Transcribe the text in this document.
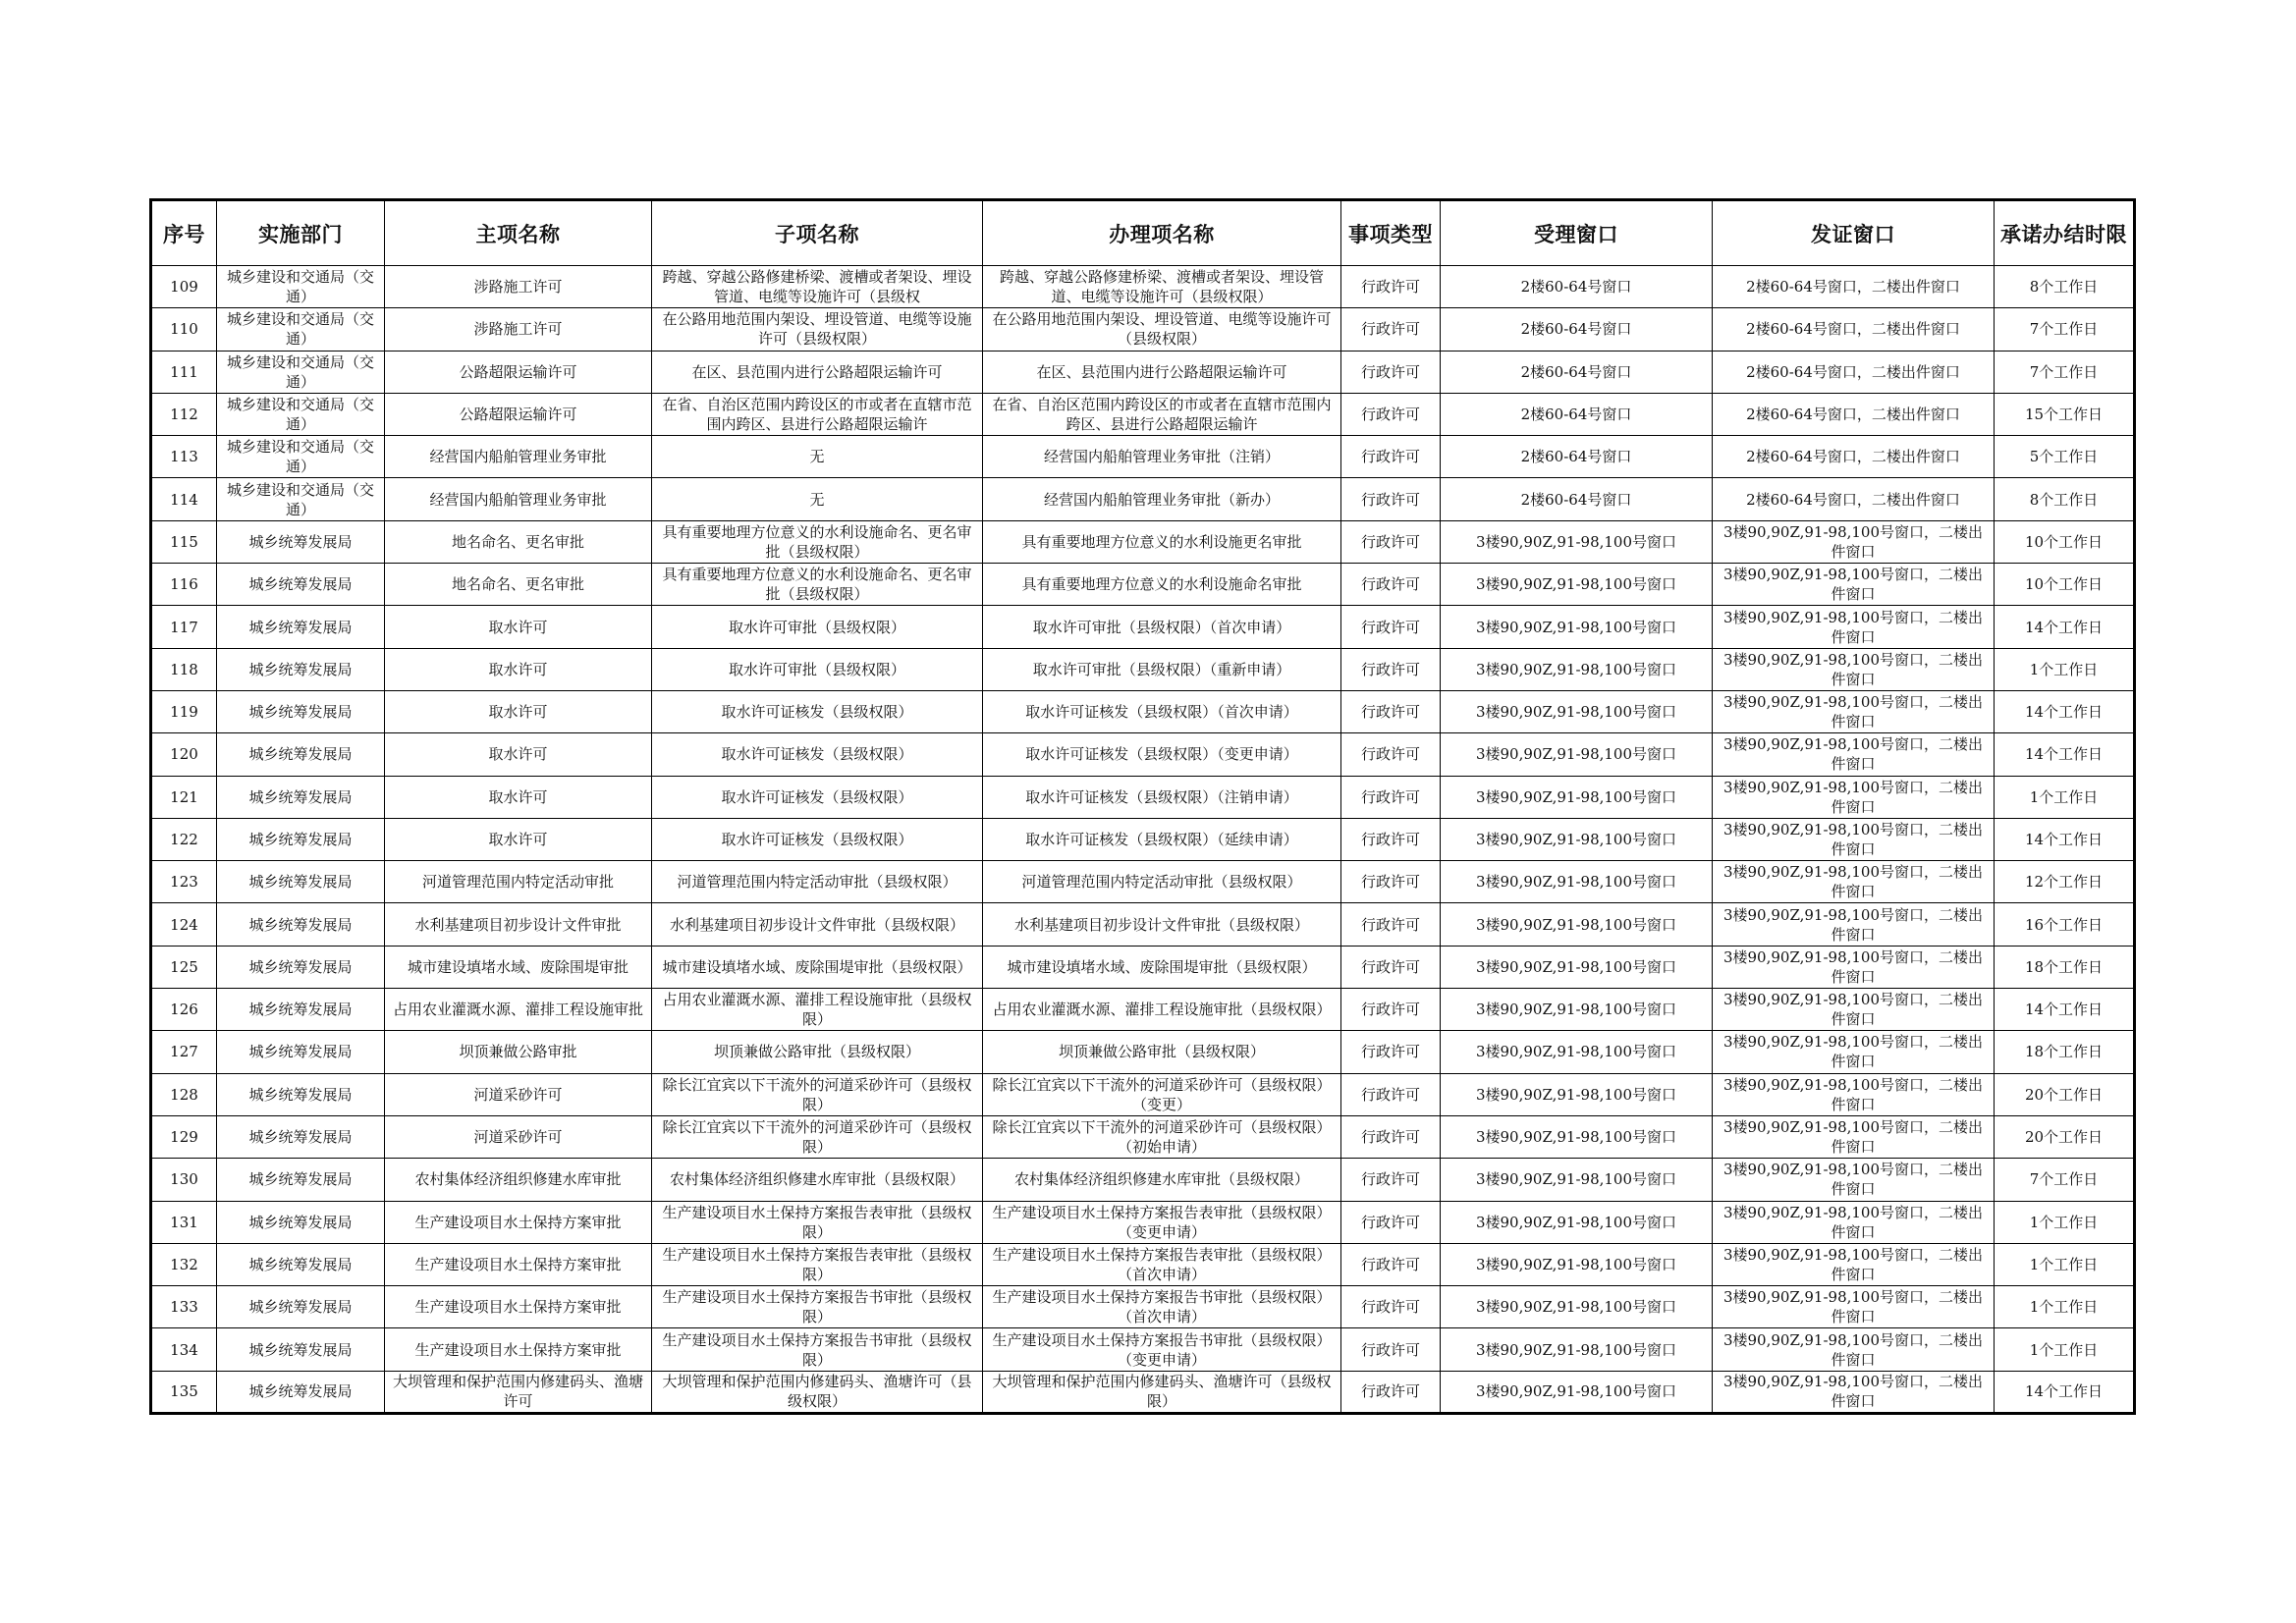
序号	实施部门	主项名称	子项名称	办理项名称	事项类型	受理窗口	发证窗口	承诺办结时限

109	城乡建设和交通局（交通）	涉路施工许可	跨越、穿越公路修建桥梁、渡槽或者架设、埋设管道、电缆等设施许可（县级权	跨越、穿越公路修建桥梁、渡槽或者架设、埋设管道、电缆等设施许可（县级权限）	行政许可	2楼60-64号窗口	2楼60-64号窗口，二楼出件窗口	8个工作日

110	城乡建设和交通局（交通）	涉路施工许可	在公路用地范围内架设、埋设管道、电缆等设施许可（县级权限）	在公路用地范围内架设、埋设管道、电缆等设施许可（县级权限）	行政许可	2楼60-64号窗口	2楼60-64号窗口，二楼出件窗口	7个工作日

111	城乡建设和交通局（交通）	公路超限运输许可	在区、县范围内进行公路超限运输许可	在区、县范围内进行公路超限运输许可	行政许可	2楼60-64号窗口	2楼60-64号窗口，二楼出件窗口	7个工作日

112	城乡建设和交通局（交通）	公路超限运输许可	在省、自治区范围内跨设区的市或者在直辖市范围内跨区、县进行公路超限运输许	在省、自治区范围内跨设区的市或者在直辖市范围内跨区、县进行公路超限运输许	行政许可	2楼60-64号窗口	2楼60-64号窗口，二楼出件窗口	15个工作日

113	城乡建设和交通局（交通）	经营国内船舶管理业务审批	无	经营国内船舶管理业务审批（注销）	行政许可	2楼60-64号窗口	2楼60-64号窗口，二楼出件窗口	5个工作日

114	城乡建设和交通局（交通）	经营国内船舶管理业务审批	无	经营国内船舶管理业务审批（新办）	行政许可	2楼60-64号窗口	2楼60-64号窗口，二楼出件窗口	8个工作日

115	城乡统筹发展局	地名命名、更名审批	具有重要地理方位意义的水利设施命名、更名审批（县级权限）	具有重要地理方位意义的水利设施更名审批	行政许可	3楼90,90Z,91-98,100号窗口	3楼90,90Z,91-98,100号窗口，二楼出件窗口	10个工作日

116	城乡统筹发展局	地名命名、更名审批	具有重要地理方位意义的水利设施命名、更名审批（县级权限）	具有重要地理方位意义的水利设施命名审批	行政许可	3楼90,90Z,91-98,100号窗口	3楼90,90Z,91-98,100号窗口，二楼出件窗口	10个工作日

117	城乡统筹发展局	取水许可	取水许可审批（县级权限）	取水许可审批（县级权限）（首次申请）	行政许可	3楼90,90Z,91-98,100号窗口	3楼90,90Z,91-98,100号窗口，二楼出件窗口	14个工作日

118	城乡统筹发展局	取水许可	取水许可审批（县级权限）	取水许可审批（县级权限）（重新申请）	行政许可	3楼90,90Z,91-98,100号窗口	3楼90,90Z,91-98,100号窗口，二楼出件窗口	1个工作日

119	城乡统筹发展局	取水许可	取水许可证核发（县级权限）	取水许可证核发（县级权限）（首次申请）	行政许可	3楼90,90Z,91-98,100号窗口	3楼90,90Z,91-98,100号窗口，二楼出件窗口	14个工作日

120	城乡统筹发展局	取水许可	取水许可证核发（县级权限）	取水许可证核发（县级权限）（变更申请）	行政许可	3楼90,90Z,91-98,100号窗口	3楼90,90Z,91-98,100号窗口，二楼出件窗口	14个工作日

121	城乡统筹发展局	取水许可	取水许可证核发（县级权限）	取水许可证核发（县级权限）（注销申请）	行政许可	3楼90,90Z,91-98,100号窗口	3楼90,90Z,91-98,100号窗口，二楼出件窗口	1个工作日

122	城乡统筹发展局	取水许可	取水许可证核发（县级权限）	取水许可证核发（县级权限）（延续申请）	行政许可	3楼90,90Z,91-98,100号窗口	3楼90,90Z,91-98,100号窗口，二楼出件窗口	14个工作日

123	城乡统筹发展局	河道管理范围内特定活动审批	河道管理范围内特定活动审批（县级权限）	河道管理范围内特定活动审批（县级权限）	行政许可	3楼90,90Z,91-98,100号窗口	3楼90,90Z,91-98,100号窗口，二楼出件窗口	12个工作日

124	城乡统筹发展局	水利基建项目初步设计文件审批	水利基建项目初步设计文件审批（县级权限）	水利基建项目初步设计文件审批（县级权限）	行政许可	3楼90,90Z,91-98,100号窗口	3楼90,90Z,91-98,100号窗口，二楼出件窗口	16个工作日

125	城乡统筹发展局	城市建设填堵水域、废除围堤审批	城市建设填堵水域、废除围堤审批（县级权限）	城市建设填堵水域、废除围堤审批（县级权限）	行政许可	3楼90,90Z,91-98,100号窗口	3楼90,90Z,91-98,100号窗口，二楼出件窗口	18个工作日

126	城乡统筹发展局	占用农业灌溉水源、灌排工程设施审批	占用农业灌溉水源、灌排工程设施审批（县级权限）	占用农业灌溉水源、灌排工程设施审批（县级权限）	行政许可	3楼90,90Z,91-98,100号窗口	3楼90,90Z,91-98,100号窗口，二楼出件窗口	14个工作日

127	城乡统筹发展局	坝顶兼做公路审批	坝顶兼做公路审批（县级权限）	坝顶兼做公路审批（县级权限）	行政许可	3楼90,90Z,91-98,100号窗口	3楼90,90Z,91-98,100号窗口，二楼出件窗口	18个工作日

128	城乡统筹发展局	河道采砂许可	除长江宜宾以下干流外的河道采砂许可（县级权限）	除长江宜宾以下干流外的河道采砂许可（县级权限）（变更）	行政许可	3楼90,90Z,91-98,100号窗口	3楼90,90Z,91-98,100号窗口，二楼出件窗口	20个工作日

129	城乡统筹发展局	河道采砂许可	除长江宜宾以下干流外的河道采砂许可（县级权限）	除长江宜宾以下干流外的河道采砂许可（县级权限）（初始申请）	行政许可	3楼90,90Z,91-98,100号窗口	3楼90,90Z,91-98,100号窗口，二楼出件窗口	20个工作日

130	城乡统筹发展局	农村集体经济组织修建水库审批	农村集体经济组织修建水库审批（县级权限）	农村集体经济组织修建水库审批（县级权限）	行政许可	3楼90,90Z,91-98,100号窗口	3楼90,90Z,91-98,100号窗口，二楼出件窗口	7个工作日

131	城乡统筹发展局	生产建设项目水土保持方案审批	生产建设项目水土保持方案报告表审批（县级权限）	生产建设项目水土保持方案报告表审批（县级权限）（变更申请）	行政许可	3楼90,90Z,91-98,100号窗口	3楼90,90Z,91-98,100号窗口，二楼出件窗口	1个工作日

132	城乡统筹发展局	生产建设项目水土保持方案审批	生产建设项目水土保持方案报告表审批（县级权限）	生产建设项目水土保持方案报告表审批（县级权限）（首次申请）	行政许可	3楼90,90Z,91-98,100号窗口	3楼90,90Z,91-98,100号窗口，二楼出件窗口	1个工作日

133	城乡统筹发展局	生产建设项目水土保持方案审批	生产建设项目水土保持方案报告书审批（县级权限）	生产建设项目水土保持方案报告书审批（县级权限）（首次申请）	行政许可	3楼90,90Z,91-98,100号窗口	3楼90,90Z,91-98,100号窗口，二楼出件窗口	1个工作日

134	城乡统筹发展局	生产建设项目水土保持方案审批	生产建设项目水土保持方案报告书审批（县级权限）	生产建设项目水土保持方案报告书审批（县级权限）（变更申请）	行政许可	3楼90,90Z,91-98,100号窗口	3楼90,90Z,91-98,100号窗口，二楼出件窗口	1个工作日

135	城乡统筹发展局	大坝管理和保护范围内修建码头、渔塘许可	大坝管理和保护范围内修建码头、渔塘许可（县级权限）	大坝管理和保护范围内修建码头、渔塘许可（县级权限）	行政许可	3楼90,90Z,91-98,100号窗口	3楼90,90Z,91-98,100号窗口，二楼出件窗口	14个工作日
